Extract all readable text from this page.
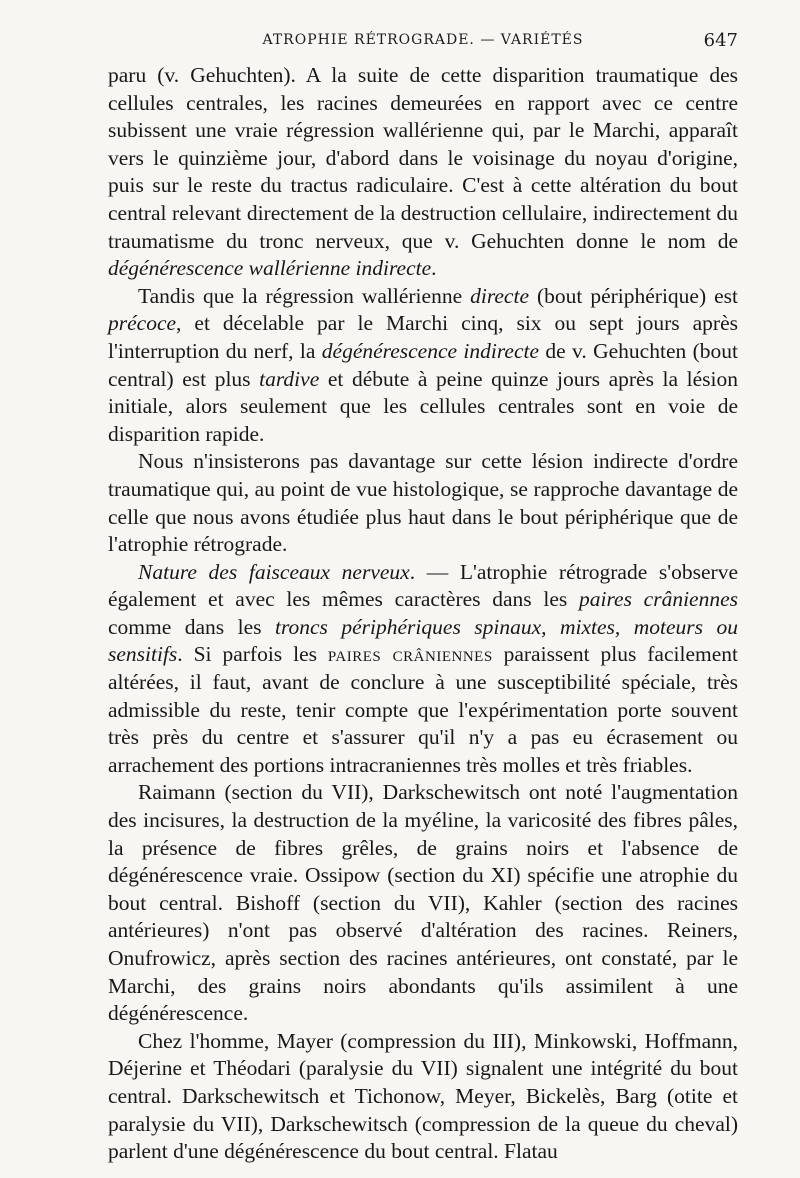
ATROPHIE RÉTROGRADE. — VARIÉTÉS	647

paru (v. Gehuchten). A la suite de cette disparition traumatique des cellules centrales, les racines demeurées en rapport avec ce centre subissent une vraie régression wallérienne qui, par le Marchi, apparaît vers le quinzième jour, d'abord dans le voisinage du noyau d'origine, puis sur le reste du tractus radiculaire. C'est à cette altération du bout central relevant directement de la destruction cellulaire, indirectement du traumatisme du tronc nerveux, que v. Gehuchten donne le nom de dégénérescence wallérienne indirecte.

Tandis que la régression wallérienne directe (bout périphérique) est précoce, et décelable par le Marchi cinq, six ou sept jours après l'interruption du nerf, la dégénérescence indirecte de v. Gehuchten (bout central) est plus tardive et débute à peine quinze jours après la lésion initiale, alors seulement que les cellules centrales sont en voie de disparition rapide.

Nous n'insisterons pas davantage sur cette lésion indirecte d'ordre traumatique qui, au point de vue histologique, se rapproche davantage de celle que nous avons étudiée plus haut dans le bout périphérique que de l'atrophie rétrograde.

Nature des faisceaux nerveux. — L'atrophie rétrograde s'observe également et avec les mêmes caractères dans les paires crâniennes comme dans les troncs périphériques spinaux, mixtes, moteurs ou sensitifs. Si parfois les paires crâniennes paraissent plus facilement altérées, il faut, avant de conclure à une susceptibilité spéciale, très admissible du reste, tenir compte que l'expérimentation porte souvent très près du centre et s'assurer qu'il n'y a pas eu écrasement ou arrachement des portions intracraniennes très molles et très friables.

Raimann (section du VII), Darkschewitsch ont noté l'augmentation des incisures, la destruction de la myéline, la varicosité des fibres pâles, la présence de fibres grêles, de grains noirs et l'absence de dégénérescence vraie. Ossipow (section du XI) spécifie une atrophie du bout central. Bishoff (section du VII), Kahler (section des racines antérieures) n'ont pas observé d'altération des racines. Reiners, Onufrowicz, après section des racines antérieures, ont constaté, par le Marchi, des grains noirs abondants qu'ils assimilent à une dégénérescence.

Chez l'homme, Mayer (compression du III), Minkowski, Hoffmann, Déjerine et Théodari (paralysie du VII) signalent une intégrité du bout central. Darkschewitsch et Tichonow, Meyer, Bickelès, Barg (otite et paralysie du VII), Darkschewitsch (compression de la queue du cheval) parlent d'une dégénérescence du bout central. Flatau
